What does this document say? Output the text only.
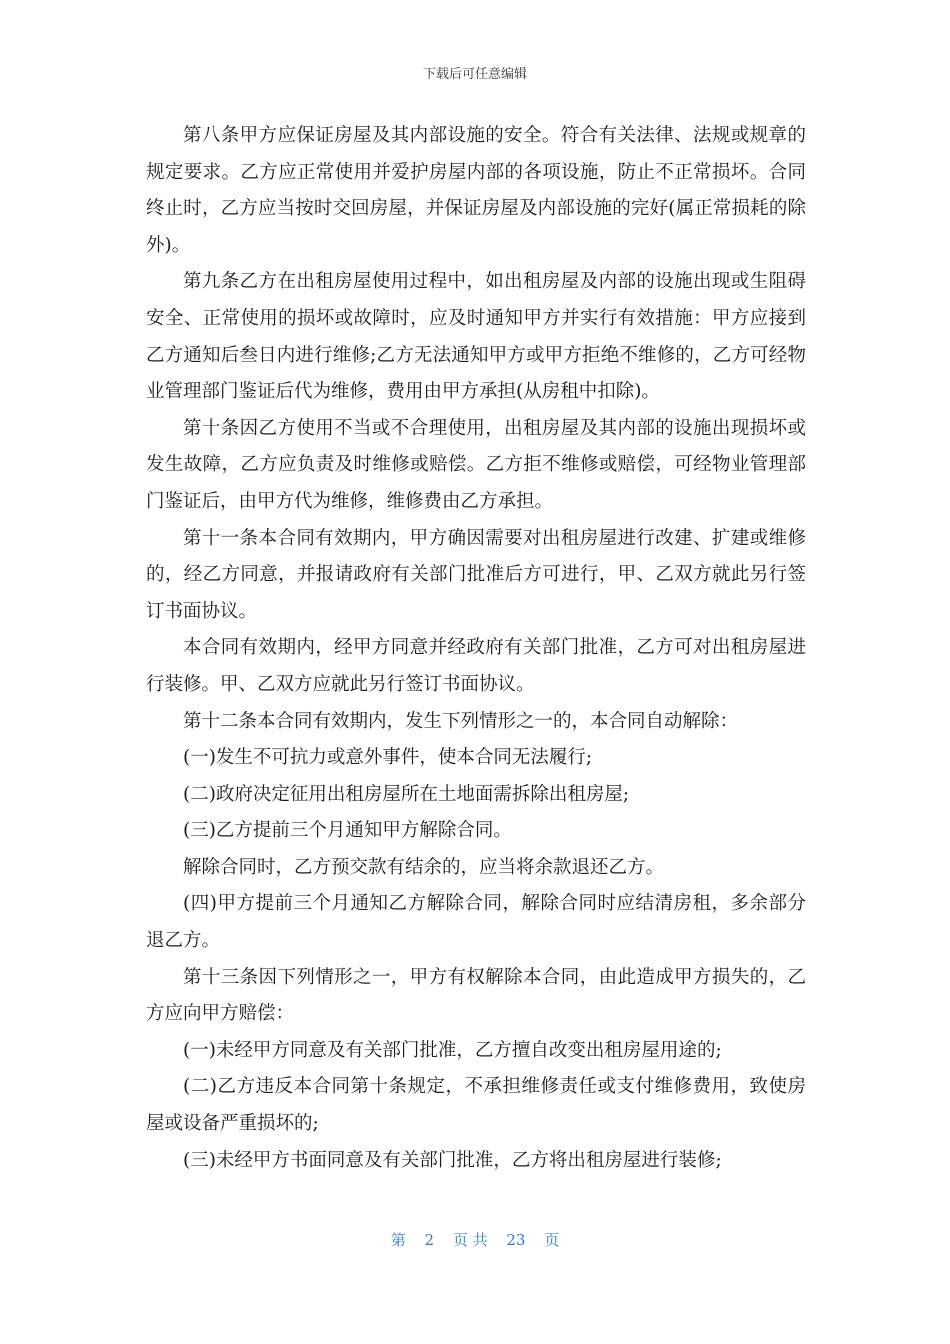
下载后可任意编辑

第八条甲方应保证房屋及其内部设施的安全。符合有关法律、法规或规章的规定要求。乙方应正常使用并爱护房屋内部的各项设施，防止不正常损坏。合同终止时，乙方应当按时交回房屋，并保证房屋及内部设施的完好(属正常损耗的除外)。

第九条乙方在出租房屋使用过程中，如出租房屋及内部的设施出现或生阻碍安全、正常使用的损坏或故障时，应及时通知甲方并实行有效措施：甲方应接到乙方通知后叁日内进行维修;乙方无法通知甲方或甲方拒绝不维修的，乙方可经物业管理部门鉴证后代为维修，费用由甲方承担(从房租中扣除)。

第十条因乙方使用不当或不合理使用，出租房屋及其内部的设施出现损坏或发生故障，乙方应负责及时维修或赔偿。乙方拒不维修或赔偿，可经物业管理部门鉴证后，由甲方代为维修，维修费由乙方承担。

第十一条本合同有效期内，甲方确因需要对出租房屋进行改建、扩建或维修的，经乙方同意，并报请政府有关部门批准后方可进行，甲、乙双方就此另行签订书面协议。

本合同有效期内，经甲方同意并经政府有关部门批准，乙方可对出租房屋进行装修。甲、乙双方应就此另行签订书面协议。

第十二条本合同有效期内，发生下列情形之一的，本合同自动解除：

(一)发生不可抗力或意外事件，使本合同无法履行;

(二)政府决定征用出租房屋所在土地面需拆除出租房屋;

(三)乙方提前三个月通知甲方解除合同。

解除合同时，乙方预交款有结余的，应当将余款退还乙方。

(四)甲方提前三个月通知乙方解除合同，解除合同时应结清房租，多余部分退乙方。

第十三条因下列情形之一，甲方有权解除本合同，由此造成甲方损失的，乙方应向甲方赔偿：

(一)未经甲方同意及有关部门批准，乙方擅自改变出租房屋用途的;

(二)乙方违反本合同第十条规定，不承担维修责任或支付维修费用，致使房屋或设备严重损坏的;

(三)未经甲方书面同意及有关部门批准，乙方将出租房屋进行装修;

第 2 页 共 23 页
